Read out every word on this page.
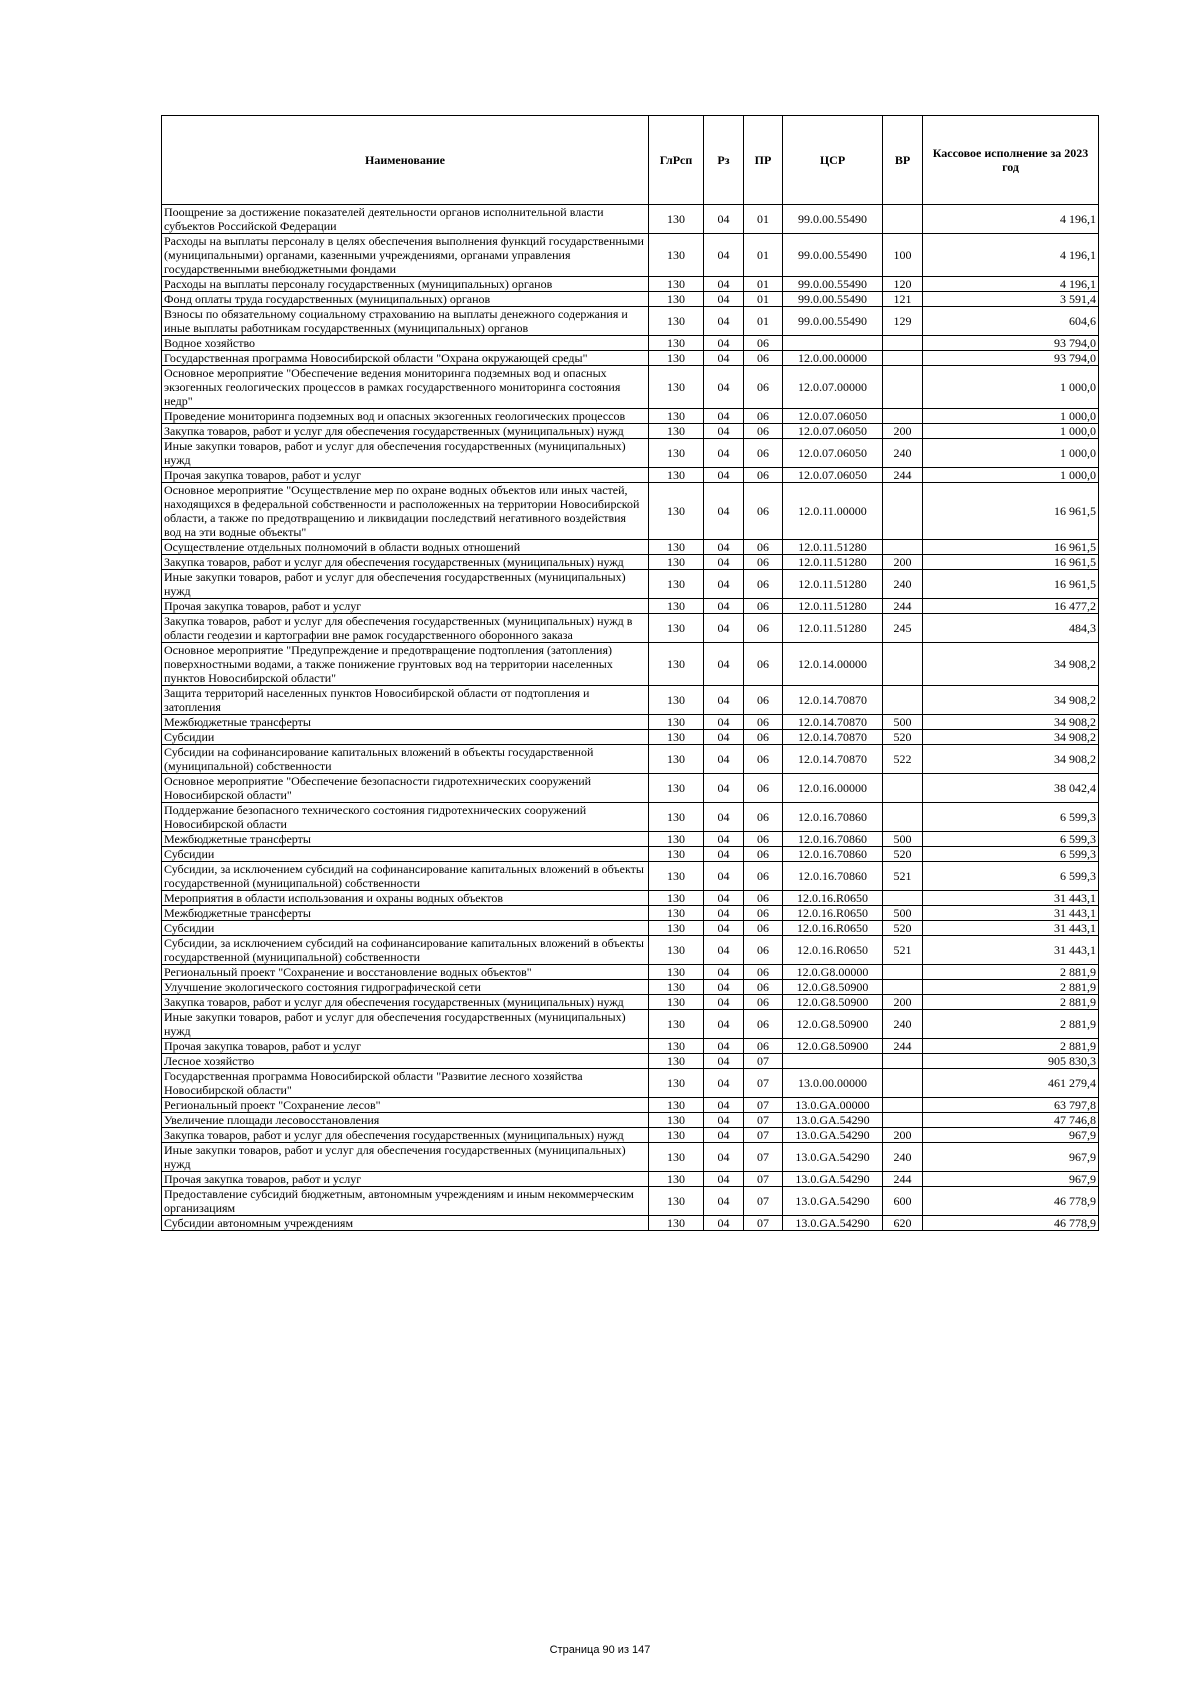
Наименование	ГлРсп	Рз	ПР	ЦСР	ВР	Кассовое исполнение за 2023 год
Поощрение за достижение показателей деятельности органов исполнительной власти субъектов Российской Федерации	130	04	01	99.0.00.55490		4 196,1
Расходы на выплаты персоналу в целях обеспечения выполнения функций государственными (муниципальными) органами, казенными учреждениями, органами управления государственными внебюджетными фондами	130	04	01	99.0.00.55490	100	4 196,1
Расходы на выплаты персоналу государственных (муниципальных) органов	130	04	01	99.0.00.55490	120	4 196,1
Фонд оплаты труда государственных (муниципальных) органов	130	04	01	99.0.00.55490	121	3 591,4
Взносы по обязательному социальному страхованию на выплаты денежного содержания и иные выплаты работникам государственных (муниципальных) органов	130	04	01	99.0.00.55490	129	604,6
Водное хозяйство	130	04	06			93 794,0
Государственная программа Новосибирской области "Охрана окружающей среды"	130	04	06	12.0.00.00000		93 794,0
Основное мероприятие "Обеспечение ведения мониторинга подземных вод и опасных экзогенных геологических процессов в рамках государственного мониторинга состояния недр"	130	04	06	12.0.07.00000		1 000,0
Проведение мониторинга подземных вод и опасных экзогенных геологических процессов	130	04	06	12.0.07.06050		1 000,0
Закупка товаров, работ и услуг для обеспечения государственных (муниципальных) нужд	130	04	06	12.0.07.06050	200	1 000,0
Иные закупки товаров, работ и услуг для обеспечения государственных (муниципальных) нужд	130	04	06	12.0.07.06050	240	1 000,0
Прочая закупка товаров, работ и услуг	130	04	06	12.0.07.06050	244	1 000,0
Основное мероприятие "Осуществление мер по охране водных объектов или иных частей, находящихся в федеральной собственности и расположенных на территории Новосибирской области, а также по предотвращению и ликвидации последствий негативного воздействия вод на эти водные объекты"	130	04	06	12.0.11.00000		16 961,5
Осуществление отдельных полномочий в области водных отношений	130	04	06	12.0.11.51280		16 961,5
Закупка товаров, работ и услуг для обеспечения государственных (муниципальных) нужд	130	04	06	12.0.11.51280	200	16 961,5
Иные закупки товаров, работ и услуг для обеспечения государственных (муниципальных) нужд	130	04	06	12.0.11.51280	240	16 961,5
Прочая закупка товаров, работ и услуг	130	04	06	12.0.11.51280	244	16 477,2
Закупка товаров, работ и услуг для обеспечения государственных (муниципальных) нужд в области геодезии и картографии вне рамок государственного оборонного заказа	130	04	06	12.0.11.51280	245	484,3
Основное мероприятие "Предупреждение и предотвращение подтопления (затопления) поверхностными водами, а также понижение грунтовых вод на территории населенных пунктов Новосибирской области"	130	04	06	12.0.14.00000		34 908,2
Защита территорий населенных пунктов Новосибирской области от подтопления и затопления	130	04	06	12.0.14.70870		34 908,2
Межбюджетные трансферты	130	04	06	12.0.14.70870	500	34 908,2
Субсидии	130	04	06	12.0.14.70870	520	34 908,2
Субсидии на софинансирование капитальных вложений в объекты государственной (муниципальной) собственности	130	04	06	12.0.14.70870	522	34 908,2
Основное мероприятие "Обеспечение безопасности гидротехнических сооружений Новосибирской области"	130	04	06	12.0.16.00000		38 042,4
Поддержание безопасного технического состояния гидротехнических сооружений Новосибирской области	130	04	06	12.0.16.70860		6 599,3
Межбюджетные трансферты	130	04	06	12.0.16.70860	500	6 599,3
Субсидии	130	04	06	12.0.16.70860	520	6 599,3
Субсидии, за исключением субсидий на софинансирование капитальных вложений в объекты государственной (муниципальной) собственности	130	04	06	12.0.16.70860	521	6 599,3
Мероприятия в области использования и охраны водных объектов	130	04	06	12.0.16.R0650		31 443,1
Межбюджетные трансферты	130	04	06	12.0.16.R0650	500	31 443,1
Субсидии	130	04	06	12.0.16.R0650	520	31 443,1
Субсидии, за исключением субсидий на софинансирование капитальных вложений в объекты государственной (муниципальной) собственности	130	04	06	12.0.16.R0650	521	31 443,1
Региональный проект "Сохранение и восстановление водных объектов"	130	04	06	12.0.G8.00000		2 881,9
Улучшение экологического состояния гидрографической сети	130	04	06	12.0.G8.50900		2 881,9
Закупка товаров, работ и услуг для обеспечения государственных (муниципальных) нужд	130	04	06	12.0.G8.50900	200	2 881,9
Иные закупки товаров, работ и услуг для обеспечения государственных (муниципальных) нужд	130	04	06	12.0.G8.50900	240	2 881,9
Прочая закупка товаров, работ и услуг	130	04	06	12.0.G8.50900	244	2 881,9
Лесное хозяйство	130	04	07			905 830,3
Государственная программа Новосибирской области "Развитие лесного хозяйства Новосибирской области"	130	04	07	13.0.00.00000		461 279,4
Региональный проект "Сохранение лесов"	130	04	07	13.0.GA.00000		63 797,8
Увеличение площади лесовосстановления	130	04	07	13.0.GA.54290		47 746,8
Закупка товаров, работ и услуг для обеспечения государственных (муниципальных) нужд	130	04	07	13.0.GA.54290	200	967,9
Иные закупки товаров, работ и услуг для обеспечения государственных (муниципальных) нужд	130	04	07	13.0.GA.54290	240	967,9
Прочая закупка товаров, работ и услуг	130	04	07	13.0.GA.54290	244	967,9
Предоставление субсидий бюджетным, автономным учреждениям и иным некоммерческим организациям	130	04	07	13.0.GA.54290	600	46 778,9
Субсидии автономным учреждениям	130	04	07	13.0.GA.54290	620	46 778,9
Страница 90 из 147
